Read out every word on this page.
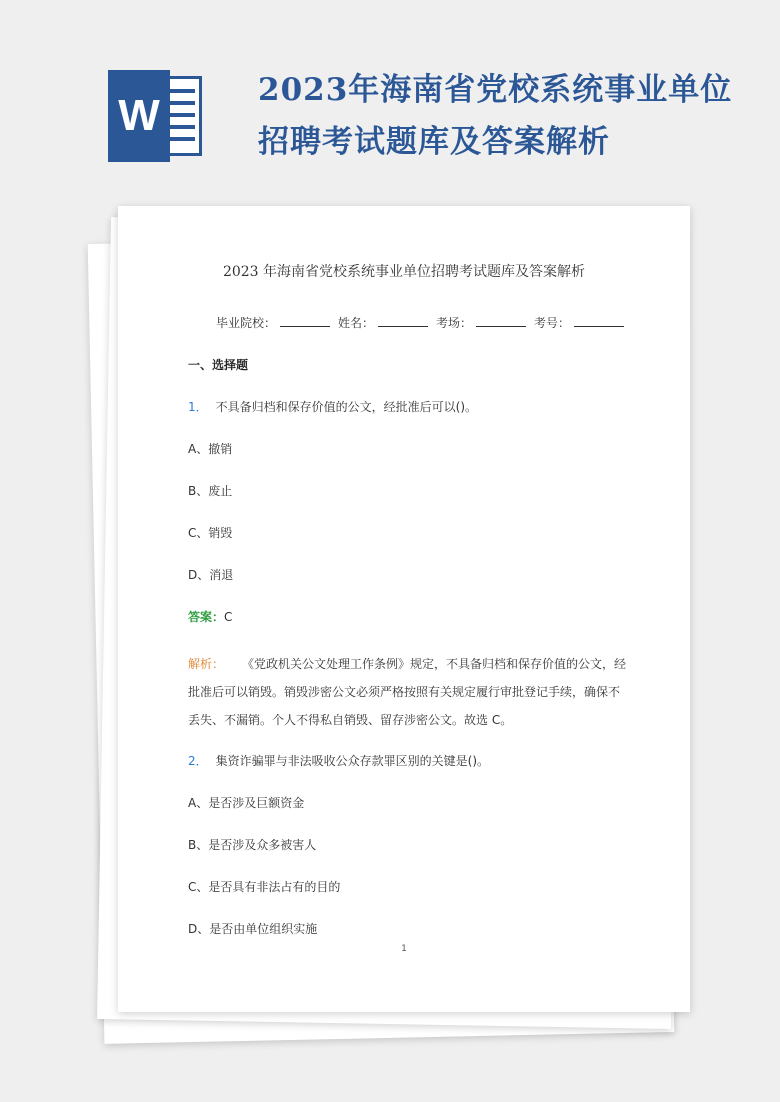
W
2023年海南省党校系统事业单位招聘考试题库及答案解析
2023 年海南省党校系统事业单位招聘考试题库及答案解析
毕业院校：	姓名：	考场：	考号：
一、选择题
1． 不具备归档和保存价值的公文，经批准后可以()。
A、撤销
B、废止
C、销毁
D、消退
答案：C
解析： 《党政机关公文处理工作条例》规定，不具备归档和保存价值的公文，经批准后可以销毁。销毁涉密公文必须严格按照有关规定履行审批登记手续，确保不丢失、不漏销。个人不得私自销毁、留存涉密公文。故选 C。
2． 集资诈骗罪与非法吸收公众存款罪区别的关键是()。
A、是否涉及巨额资金
B、是否涉及众多被害人
C、是否具有非法占有的目的
D、是否由单位组织实施
1
